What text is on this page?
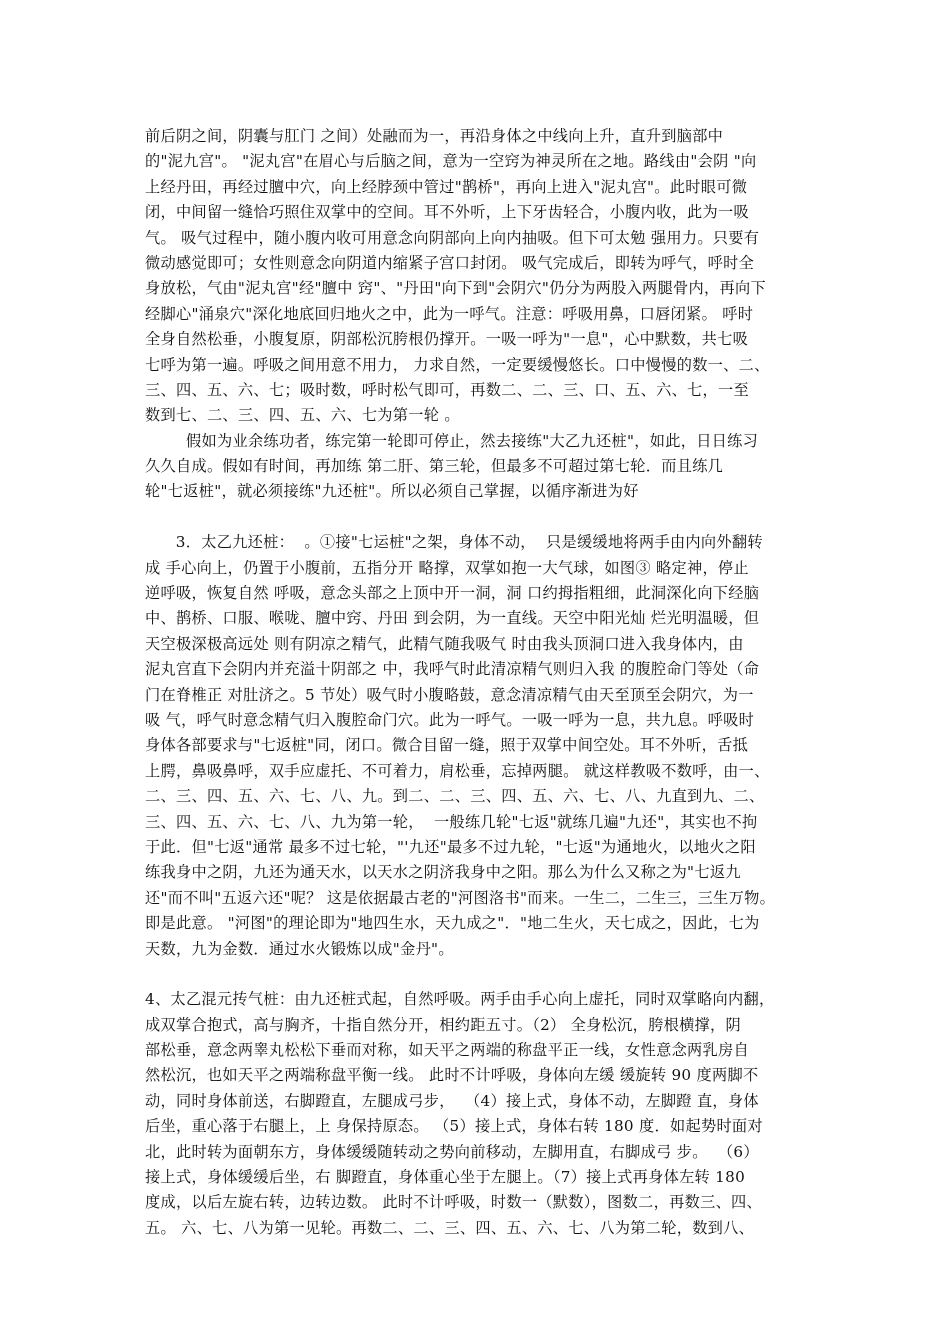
前后阴之间，阴囊与肛门 之间）处融而为一，再沿身体之中线向上升，直升到脑部中
的"泥九宫"。 "泥丸宫"在眉心与后脑之间，意为一空窍为神灵所在之地。路线由"会阴 "向
上经丹田，再经过膻中穴，向上经脖颈中管过"鹊桥"，再向上进入"泥丸宫"。此时眼可微
闭，中间留一缝恰巧照住双掌中的空间。耳不外听，上下牙齿轻合，小腹内收，此为一吸
气。 吸气过程中，随小腹内收可用意念向阴部向上向内抽吸。但下可太勉 强用力。只要有
微动感觉即可；女性则意念向阴道内缩紧子宫口封闭。 吸气完成后，即转为呼气，呼时全
身放松，气由"泥丸宫"经"膻中 窍"、"丹田"向下到"会阴穴"仍分为两股入两腿骨内，再向下
经脚心"涌泉穴"深化地底回归地火之中，此为一呼气。注意：呼吸用鼻，口唇闭紧。 呼时
全身自然松垂，小腹复原，阴部松沉胯根仍撑开。一吸一呼为"一息"，心中默数，共七吸
七呼为第一遍。呼吸之间用意不用力， 力求自然，一定要缓慢悠长。口中慢慢的数一、二、
三、四、五、六、七；吸时数，呼时松气即可，再数二、二、三、口、五、六、七，一至
数到七、二、三、四、五、六、七为第一轮 。
假如为业余练功者，练完第一轮即可停止，然去接练"大乙九还桩"，如此，日日练习
久久自成。假如有时间，再加练 第二肝、第三轮，但最多不可超过第七轮．而且练几
轮"七返桩"，就必须接练"九还桩"。所以必须自己掌握，以循序渐进为好
3．太乙九还桩：  。①接"七运桩"之架，身体不动，  只是缓缓地将两手由内向外翻转
成 手心向上，仍置于小腹前，五指分开 略撑，双掌如抱一大气球，如图③ 略定神，停止
逆呼吸，恢复自然 呼吸，意念头部之上顶中开一洞，洞 口约拇指粗细，此洞深化向下经脑
中、鹊桥、口服、喉咙、膻中窍、丹田 到会阴，为一直线。天空中阳光灿 烂光明温暖，但
天空极深极高远处 则有阴凉之精气，此精气随我吸气 时由我头顶洞口进入我身体内，由
泥丸宫直下会阴内并充溢十阴部之 中，我呼气时此清凉精气则归入我 的腹腔命门等处（命
门在脊椎正 对肚济之。5 节处）吸气时小腹略鼓，意念清凉精气由天至顶至会阴穴，为一
吸 气，呼气时意念精气归入腹腔命门穴。此为一呼气。一吸一呼为一息，共九息。呼吸时
身体各部要求与"七返桩"同，闭口。微合目留一缝，照于双掌中间空处。耳不外听，舌抵
上腭，鼻吸鼻呼，双手应虚托、不可着力，肩松垂，忘掉两腿。 就这样教吸不数呼，由一、
二、三、四、五、六、七、八、九。到二、二、三、四、五、六、七、八、九直到九、二、
三、四、五、六、七、八、九为第一轮，  一般练几轮"七返"就练几遍"九还"，其实也不拘
于此．但"七返"通常 最多不过七轮，"'九还"最多不过九轮，"七返"为通地火，以地火之阳
练我身中之阴，九还为通天水，以天水之阴济我身中之阳。那么为什么又称之为"七返九
还"而不叫"五返六还"呢？ 这是依据最古老的"河图洛书"而来。一生二，二生三，三生万物。
即是此意。 "河图"的理论即为"地四生水，天九成之"．"地二生火，天七成之，因此，七为
天数，九为金数．通过水火锻炼以成"金丹"。
4、太乙混元抟气桩：由九还桩式起，自然呼吸。两手由手心向上虚托，同时双掌略向内翻，
成双掌合抱式，高与胸齐，十指自然分开，相约距五寸。（2） 全身松沉，胯根横撑，阴
部松垂，意念两睾丸松松下垂而对称，如天平之两端的称盘平正一线，女性意念两乳房自
然松沉，也如天平之两端称盘平衡一线。 此时不计呼吸，身体向左缓 缓旋转 90 度两脚不
动，同时身体前送，右脚蹬直，左腿成弓步，  （4）接上式，身体不动，左脚蹬 直，身体
后坐，重心落于右腿上，上 身保持原态。 （5）接上式，身体右转 180 度．如起势时面对
北，此时转为面朝东方，身体缓缓随转动之势向前移动，左脚用直，右脚成弓 步。  （6）
接上式，身体缓缓后坐，右 脚蹬直，身体重心坐于左腿上。（7）接上式再身体左转 180
度成，以后左旋右转，边转边数。 此时不计呼吸，时数一（默数），图数二，再数三、四、
五。 六、七、八为第一见轮。再数二、二、三、四、五、六、七、八为第二轮，数到八、
